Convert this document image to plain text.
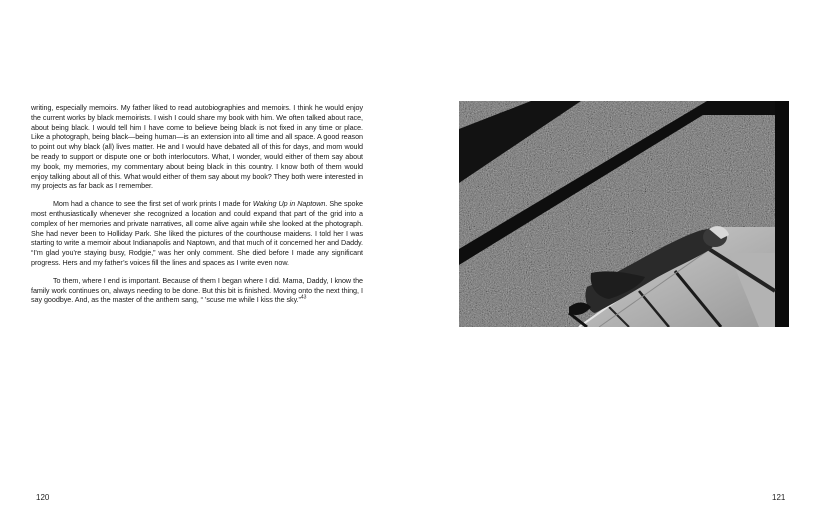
writing, especially memoirs. My father liked to read autobiographies and memoirs. I think he would enjoy the current works by black memoirists. I wish I could share my book with him. We often talked about race, about being black. I would tell him I have come to believe being black is not fixed in any time or place. Like a photograph, being black—being human—is an extension into all time and all space. A good reason to point out why black (all) lives matter. He and I would have debated all of this for days, and mom would be ready to support or dispute one or both interlocutors. What, I wonder, would either of them say about my book, my memories, my commentary about being black in this country. I know both of them would enjoy talking about all of this. What would either of them say about my book? They both were interested in my projects as far back as I remember.

Mom had a chance to see the first set of work prints I made for Waking Up in Naptown. She spoke most enthusiastically whenever she recognized a location and could expand that part of the grid into a complex of her memories and private narratives, all come alive again while she looked at the photograph. She had never been to Holliday Park. She liked the pictures of the courthouse maidens. I told her I was starting to write a memoir about Indianapolis and Naptown, and that much of it concerned her and Daddy. “I’m glad you’re staying busy, Rodgie,” was her only comment. She died before I made any significant progress. Hers and my father’s voices fill the lines and spaces as I write even now.

To them, where I end is important. Because of them I began where I did. Mama, Daddy, I know the family work continues on, always needing to be done. But this bit is finished. Moving onto the next thing, I say goodbye. And, as the master of the anthem sang, “ ’scuse me while I kiss the sky.”$^{43}$

120	121
